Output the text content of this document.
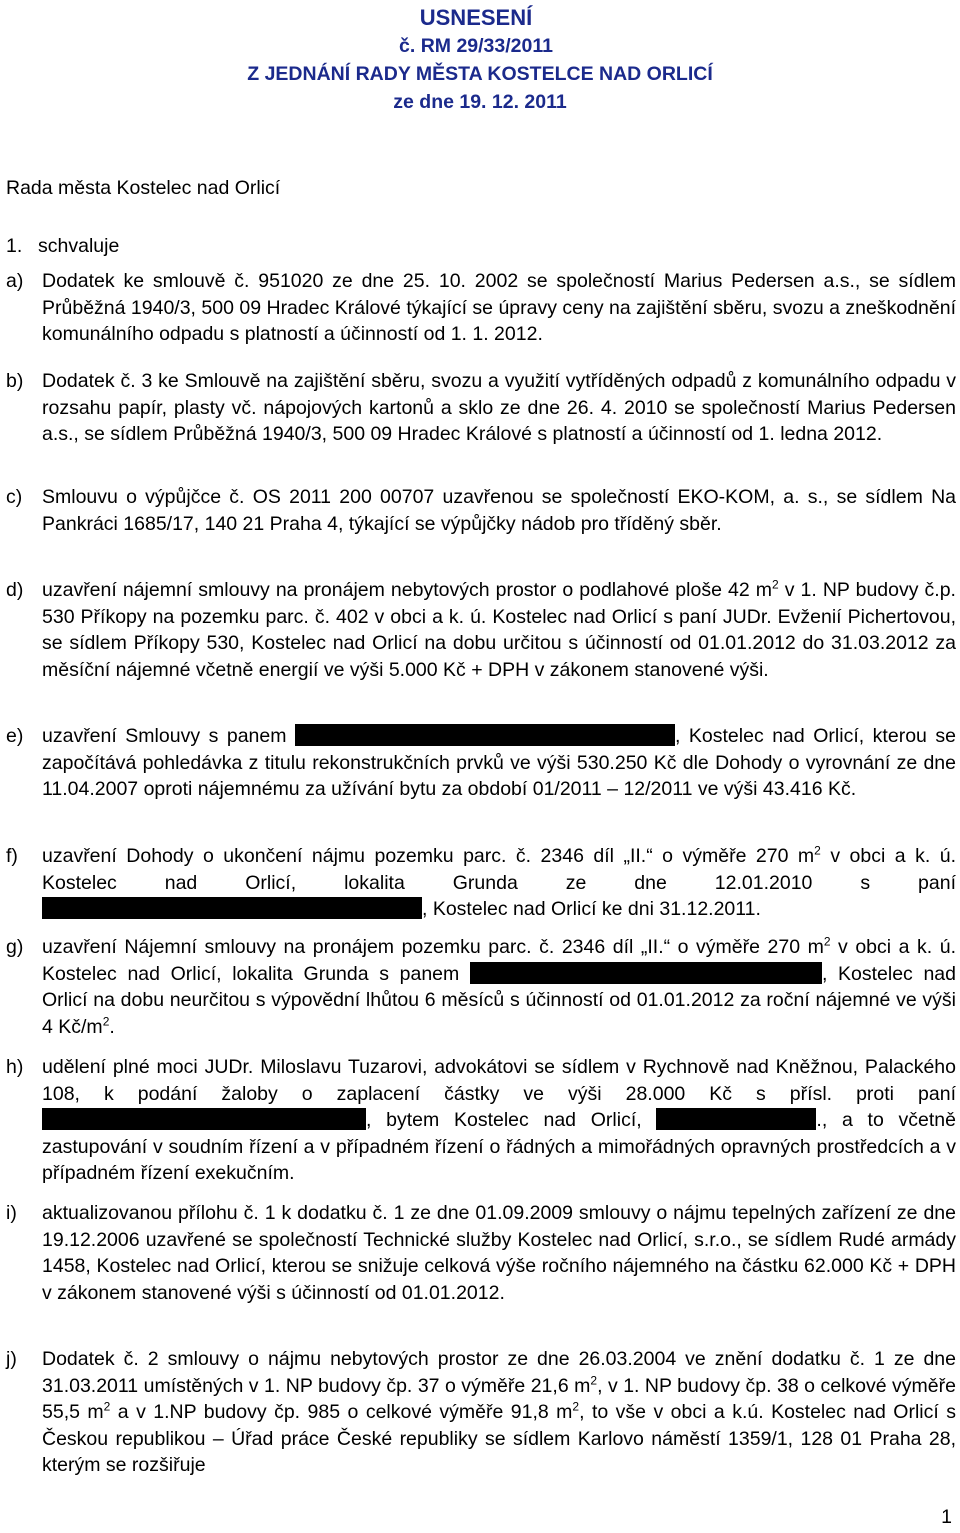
USNESENÍ
č. RM 29/33/2011
Z JEDNÁNÍ RADY MĚSTA KOSTELCE NAD ORLICÍ
ze dne 19. 12. 2011
Rada města Kostelec nad Orlicí
1. schvaluje
a) Dodatek ke smlouvě č. 951020 ze dne 25. 10. 2002 se společností Marius Pedersen a.s., se sídlem Průběžná 1940/3, 500 09 Hradec Králové týkající se úpravy ceny na zajištění sběru, svozu a zneškodnění komunálního odpadu s platností a účinností od 1. 1. 2012.

b) Dodatek č. 3 ke Smlouvě na zajištění sběru, svozu a využití vytříděných odpadů z komunálního odpadu v rozsahu papír, plasty vč. nápojových kartonů a sklo ze dne 26. 4. 2010 se společností Marius Pedersen a.s., se sídlem Průběžná 1940/3, 500 09 Hradec Králové s platností a účinností od 1. ledna 2012.

c) Smlouvu o výpůjčce č. OS 2011 200 00707 uzavřenou se společností EKO-KOM, a. s., se sídlem Na Pankráci 1685/17, 140 21 Praha 4, týkající se výpůjčky nádob pro tříděný sběr.

d) uzavření nájemní smlouvy na pronájem nebytových prostor o podlahové ploše 42 $m^2$ v 1. NP budovy č.p. 530 Příkopy na pozemku parc. č. 402 v obci a k. ú. Kostelec nad Orlicí s paní JUDr. Evženií Pichertovou, se sídlem Příkopy 530, Kostelec nad Orlicí na dobu určitou s účinností od 01.01.2012 do 31.03.2012 za měsíční nájemné včetně energií ve výši 5.000 Kč + DPH v zákonem stanovené výši.

e) uzavření Smlouvy s panem	, Kostelec nad Orlicí, kterou se započítává pohledávka z titulu rekonstrukčních prvků ve výši 530.250 Kč dle Dohody o vyrovnání ze dne 11.04.2007 oproti nájemnému za užívání bytu za období 01/2011 – 12/2011 ve výši 43.416 Kč.

f) uzavření Dohody o ukončení nájmu pozemku parc. č. 2346 díl „II.“ o výměře 270 $m^2$ v obci a k. ú. Kostelec nad Orlicí, lokalita Grunda ze dne 12.01.2010 s paní , Kostelec nad Orlicí ke dni 31.12.2011.

g) uzavření Nájemní smlouvy na pronájem pozemku parc. č. 2346 díl „II.“ o výměře 270 $m^2$ v obci a k. ú. Kostelec nad Orlicí, lokalita Grunda s panem	, Kostelec nad Orlicí na dobu neurčitou s výpovědní lhůtou 6 měsíců s účinností od 01.01.2012 za roční nájemné ve výši 4 $Kč/m^2$.

h) udělení plné moci JUDr. Miloslavu Tuzarovi, advokátovi se sídlem v Rychnově nad Kněžnou, Palackého 108, k podání žaloby o zaplacení částky ve výši 28.000 Kč s přísl. proti paní , bytem Kostelec nad Orlicí,	., a to včetně zastupování v soudním řízení a v případném řízení o řádných a mimořádných opravných prostředcích a v případném řízení exekučním.

i) aktualizovanou přílohu č. 1 k dodatku č. 1 ze dne 01.09.2009 smlouvy o nájmu tepelných zařízení ze dne 19.12.2006 uzavřené se společností Technické služby Kostelec nad Orlicí, s.r.o., se sídlem Rudé armády 1458, Kostelec nad Orlicí, kterou se snižuje celková výše ročního nájemného na částku 62.000 Kč + DPH v zákonem stanovené výši s účinností od 01.01.2012.

j) Dodatek č. 2 smlouvy o nájmu nebytových prostor ze dne 26.03.2004 ve znění dodatku č. 1 ze dne 31.03.2011 umístěných v 1. NP budovy čp. 37 o výměře 21,6 $m^2$, v 1. NP budovy čp. 38 o celkové výměře 55,5 $m^2$ a v 1.NP budovy čp. 985 o celkové výměře 91,8 $m^2$, to vše v obci a k.ú. Kostelec nad Orlicí s Českou republikou – Úřad práce České republiky se sídlem Karlovo náměstí 1359/1, 128 01 Praha 28, kterým se rozšiřuje

1
